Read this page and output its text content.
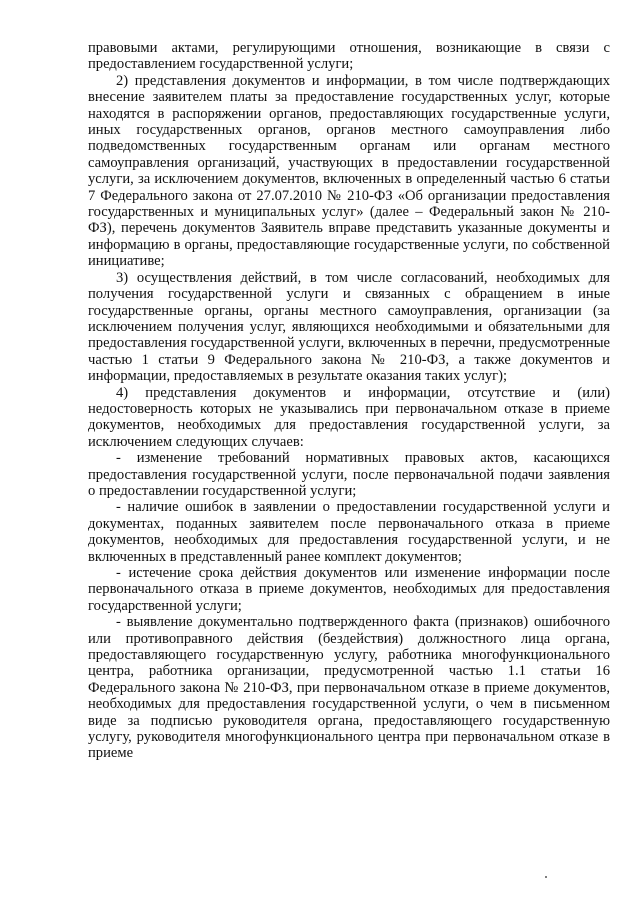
правовыми актами, регулирующими отношения, возникающие в связи с предоставлением государственной услуги;

2) представления документов и информации, в том числе подтверждающих внесение заявителем платы за предоставление государственных услуг, которые находятся в распоряжении органов, предоставляющих государственные услуги, иных государственных органов, органов местного самоуправления либо подведомственных государственным органам или органам местного самоуправления организаций, участвующих в предоставлении государственной услуги, за исключением документов, включенных в определенный частью 6 статьи 7 Федерального закона от 27.07.2010 № 210-ФЗ «Об организации предоставления государственных и муниципальных услуг» (далее – Федеральный закон № 210-ФЗ), перечень документов Заявитель вправе представить указанные документы и информацию в органы, предоставляющие государственные услуги, по собственной инициативе;

3) осуществления действий, в том числе согласований, необходимых для получения государственной услуги и связанных с обращением в иные государственные органы, органы местного самоуправления, организации (за исключением получения услуг, являющихся необходимыми и обязательными для предоставления государственной услуги, включенных в перечни, предусмотренные частью 1 статьи 9 Федерального закона № 210-ФЗ, а также документов и информации, предоставляемых в результате оказания таких услуг);

4) представления документов и информации, отсутствие и (или) недостоверность которых не указывались при первоначальном отказе в приеме документов, необходимых для предоставления государственной услуги, за исключением следующих случаев:

- изменение требований нормативных правовых актов, касающихся предоставления государственной услуги, после первоначальной подачи заявления о предоставлении государственной услуги;

- наличие ошибок в заявлении о предоставлении государственной услуги и документах, поданных заявителем после первоначального отказа в приеме документов, необходимых для предоставления государственной услуги, и не включенных в представленный ранее комплект документов;

- истечение срока действия документов или изменение информации после первоначального отказа в приеме документов, необходимых для предоставления государственной услуги;

- выявление документально подтвержденного факта (признаков) ошибочного или противоправного действия (бездействия) должностного лица органа, предоставляющего государственную услугу, работника многофункционального центра, работника организации, предусмотренной частью 1.1 статьи 16 Федерального закона № 210-ФЗ, при первоначальном отказе в приеме документов, необходимых для предоставления государственной услуги, о чем в письменном виде за подписью руководителя органа, предоставляющего государственную услугу, руководителя многофункционального центра при первоначальном отказе в приеме
